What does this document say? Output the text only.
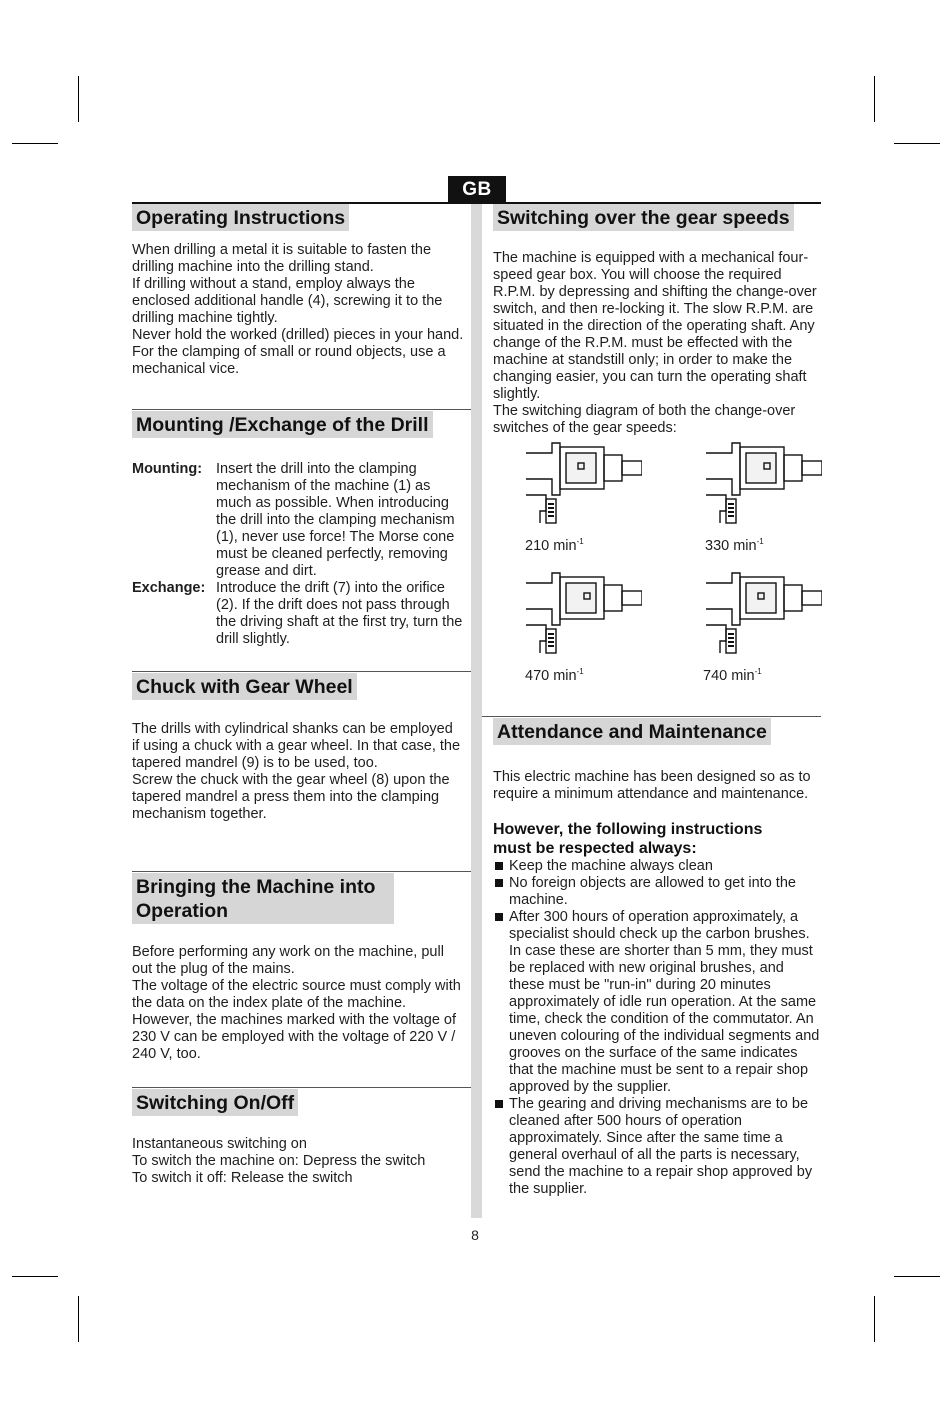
GB
Operating Instructions

When drilling a metal it is suitable to fasten the drilling machine into the drilling stand.

If drilling without a stand, employ always the enclosed additional handle (4), screwing it to the drilling machine tightly.

Never hold the worked (drilled) pieces in your hand. For the clamping of small or round objects, use a mechanical vice.

Mounting /Exchange of the Drill
Mounting: Insert the drill into the clamping mechanism of the machine (1) as much as possible. When introducing the drill into the clamping mechanism (1), never use force! The Morse cone must be cleaned perfectly, removing grease and dirt.
Exchange: Introduce the drift (7) into the orifice (2). If the drift does not pass through the driving shaft at the first try, turn the drill slightly.
Chuck with Gear Wheel

The drills with cylindrical shanks can be employed if using a chuck with a gear wheel. In that case, the tapered mandrel (9) is to be used, too.

Screw the chuck with the gear wheel (8) upon the tapered mandrel a press them into the clamping mechanism together.

Bringing the Machine into
Operation

Before performing any work on the machine, pull out the plug of the mains.

The voltage of the electric source must comply with the data on the index plate of the machine. However, the machines marked with the voltage of 230 V can be employed with the voltage of 220 V / 240 V, too.

Switching On/Off

Instantaneous switching on

To switch the machine on: Depress the switch

To switch it off: Release the switch

Switching over the gear speeds

The machine is equipped with a mechanical four-speed gear box. You will choose the required R.P.M. by depressing and shifting the change-over switch, and then re-locking it. The slow R.P.M. are situated in the direction of the operating shaft. Any change of the R.P.M. must be effected with the machine at standstill only; in order to make the changing easier, you can turn the operating shaft slightly.

The switching diagram of both the change-over switches of the gear speeds:

210 $\min^{-1}$	330 $\min^{-1}$
470 $\min^{-1}$	740 $\min^{-1}$
Attendance and Maintenance
This electric machine has been designed so as to require a minimum attendance and maintenance.
However, the following instructions
must be respected always:
Keep the machine always clean
No foreign objects are allowed to get into the machine.
After 300 hours of operation approximately, a specialist should check up the carbon brushes. In case these are shorter than 5 mm, they must be replaced with new original brushes, and these must be "run-in" during 20 minutes approximately of idle run operation. At the same time, check the condition of the commutator. An uneven colouring of the individual segments and grooves on the surface of the same indicates that the machine must be sent to a repair shop approved by the supplier.
The gearing and driving mechanisms are to be cleaned after 500 hours of operation approximately. Since after the same time a general overhaul of all the parts is necessary, send the machine to a repair shop approved by the supplier.
8
